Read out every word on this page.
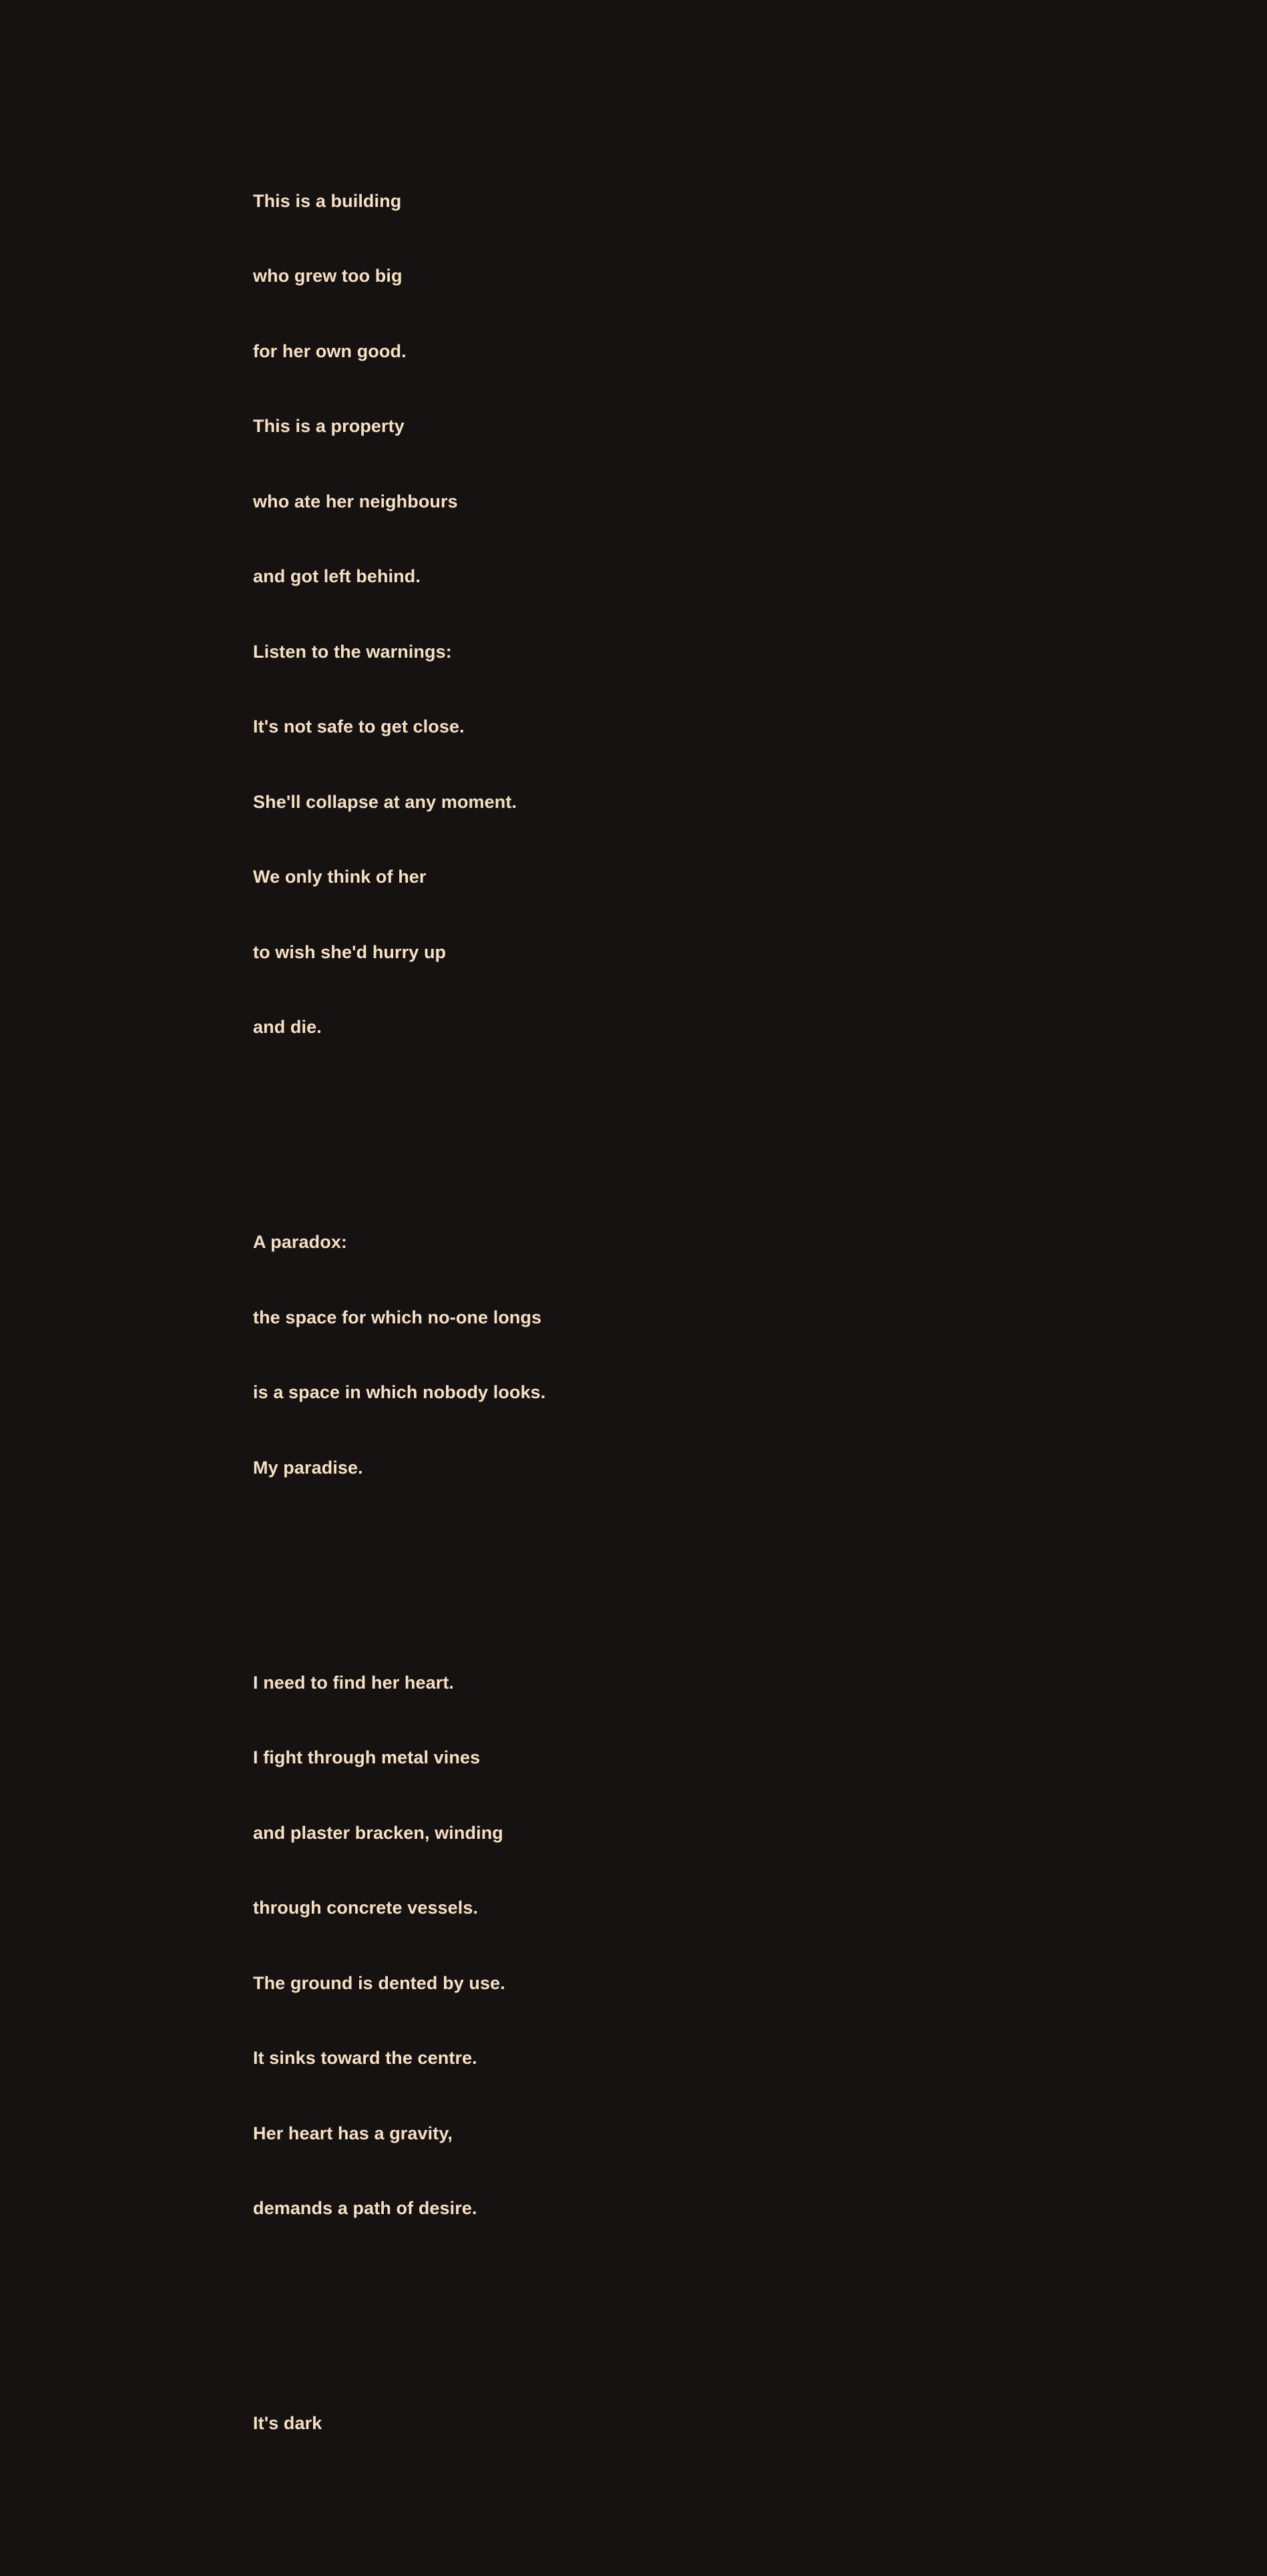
This is a building

who grew too big

for her own good.

This is a property

who ate her neighbours

and got left behind.

Listen to the warnings:

It's not safe to get close.

She'll collapse at any moment.

We only think of her

to wish she'd hurry up

and die.

A paradox:

the space for which no-one longs

is a space in which nobody looks.

My paradise.

I need to find her heart.

I fight through metal vines

and plaster bracken, winding

through concrete vessels.

The ground is dented by use.

It sinks toward the centre.

Her heart has a gravity,

demands a path of desire.

It's dark
